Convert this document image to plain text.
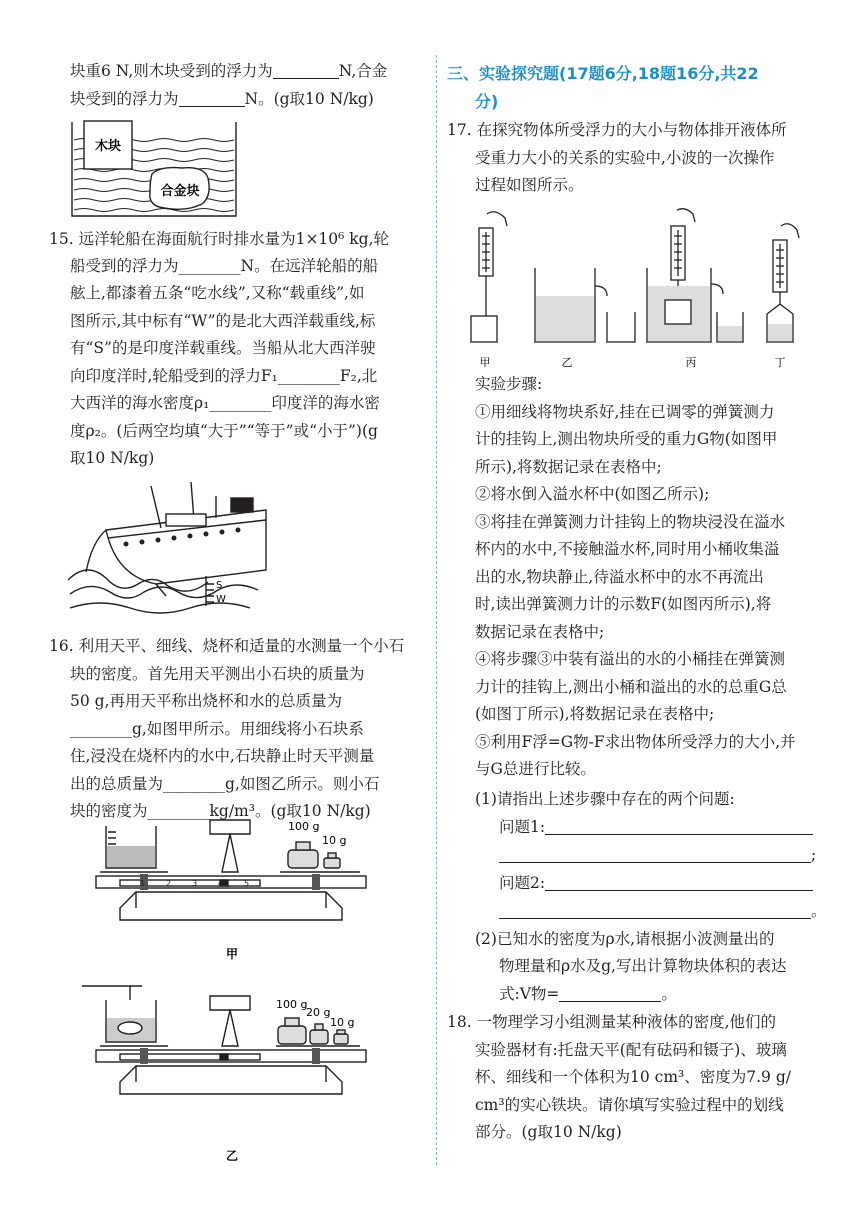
块重6 N,则木块受到的浮力为	N,合金
块受到的浮力为	N。(g取10 N/kg)
木块
合金块
15. 远洋轮船在海面航行时排水量为1×10⁶ kg,轮
船受到的浮力为________N。在远洋轮船的船
舷上,都漆着五条“吃水线”,又称“载重线”,如
图所示,其中标有“W”的是北大西洋载重线,标
有“S”的是印度洋载重线。当船从北大西洋驶
向印度洋时,轮船受到的浮力F₁________F₂,北
大西洋的海水密度ρ₁________印度洋的海水密
度ρ₂。(后两空均填“大于”“等于”或“小于”)(g
取10 N/kg)
S
W
16. 利用天平、细线、烧杯和适量的水测量一个小石
块的密度。首先用天平测出小石块的质量为
50 g,再用天平称出烧杯和水的总质量为
________g,如图甲所示。用细线将小石块系
住,浸没在烧杯内的水中,石块静止时天平测量
出的总质量为________g,如图乙所示。则小石
块的密度为________kg/m³。(g取10 N/kg)
1	2	3	4	5
100 g
10 g
甲
100 g
20 g
10 g
乙
三、实验探究题(17题6分,18题16分,共22
分)
17. 在探究物体所受浮力的大小与物体排开液体所
受重力大小的关系的实验中,小波的一次操作
过程如图所示。
甲	乙	丙	丁
实验步骤:
①用细线将物块系好,挂在已调零的弹簧测力
计的挂钩上,测出物块所受的重力G物(如图甲
所示),将数据记录在表格中;
②将水倒入溢水杯中(如图乙所示);
③将挂在弹簧测力计挂钩上的物块浸没在溢水
杯内的水中,不接触溢水杯,同时用小桶收集溢
出的水,物块静止,待溢水杯中的水不再流出
时,读出弹簧测力计的示数F(如图丙所示),将
数据记录在表格中;
④将步骤③中装有溢出的水的小桶挂在弹簧测
力计的挂钩上,测出小桶和溢出的水的总重G总
(如图丁所示),将数据记录在表格中;
⑤利用F浮=G物-F求出物体所受浮力的大小,并
与G总进行比较。
(1)请指出上述步骤中存在的两个问题:
问题1:
;
问题2:
。
(2)已知水的密度为ρ水,请根据小波测量出的
物理量和ρ水及g,写出计算物块体积的表达
式:V物=	。
18. 一物理学习小组测量某种液体的密度,他们的
实验器材有:托盘天平(配有砝码和镊子)、玻璃
杯、细线和一个体积为10 cm³、密度为7.9 g/
cm³的实心铁块。请你填写实验过程中的划线
部分。(g取10 N/kg)
